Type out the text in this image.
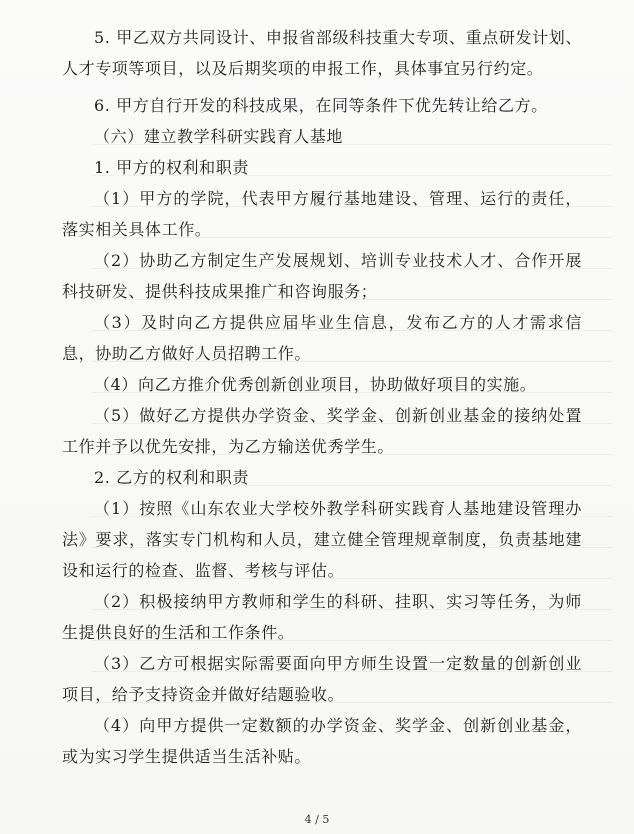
5. 甲乙双方共同设计、申报省部级科技重大专项、重点研发计划、人才专项等项目，以及后期奖项的申报工作，具体事宜另行约定。

6. 甲方自行开发的科技成果，在同等条件下优先转让给乙方。

（六）建立教学科研实践育人基地

1. 甲方的权利和职责

（1）甲方的学院，代表甲方履行基地建设、管理、运行的责任，落实相关具体工作。

（2）协助乙方制定生产发展规划、培训专业技术人才、合作开展科技研发、提供科技成果推广和咨询服务；

（3）及时向乙方提供应届毕业生信息，发布乙方的人才需求信息，协助乙方做好人员招聘工作。

（4）向乙方推介优秀创新创业项目，协助做好项目的实施。

（5）做好乙方提供办学资金、奖学金、创新创业基金的接纳处置工作并予以优先安排，为乙方输送优秀学生。

2. 乙方的权利和职责

（1）按照《山东农业大学校外教学科研实践育人基地建设管理办法》要求，落实专门机构和人员，建立健全管理规章制度，负责基地建设和运行的检查、监督、考核与评估。

（2）积极接纳甲方教师和学生的科研、挂职、实习等任务，为师生提供良好的生活和工作条件。

（3）乙方可根据实际需要面向甲方师生设置一定数量的创新创业项目，给予支持资金并做好结题验收。

（4）向甲方提供一定数额的办学资金、奖学金、创新创业基金，或为实习学生提供适当生活补贴。

4 / 5
